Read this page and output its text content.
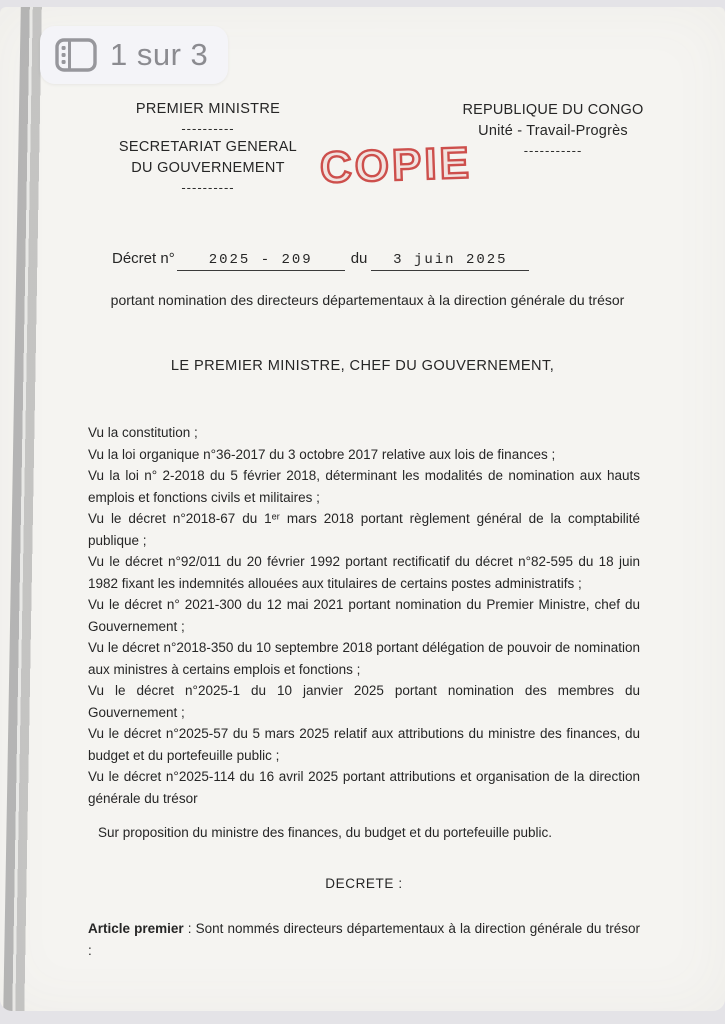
PREMIER MINISTRE
----------
SECRETARIAT GENERAL
DU GOUVERNEMENT
----------
REPUBLIQUE DU CONGO
Unité - Travail-Progrès
-----------
COPIE
Décret n° 2025 - 209	du 3 juin 2025
portant nomination des directeurs départementaux à la direction générale du trésor
LE PREMIER MINISTRE, CHEF DU GOUVERNEMENT,

Vu la constitution ;

Vu la loi organique n°36-2017 du 3 octobre 2017 relative aux lois de finances ;

Vu la loi n° 2-2018 du 5 février 2018, déterminant les modalités de nomination aux hauts emplois et fonctions civils et militaires ;

Vu le décret n°2018-67 du 1ᵉʳ mars 2018 portant règlement général de la comptabilité publique ;

Vu le décret n°92/011 du 20 février 1992 portant rectificatif du décret n°82-595 du 18 juin 1982 fixant les indemnités allouées aux titulaires de certains postes administratifs ;

Vu le décret n° 2021-300 du 12 mai 2021 portant nomination du Premier Ministre, chef du Gouvernement ;

Vu le décret n°2018-350 du 10 septembre 2018 portant délégation de pouvoir de nomination aux ministres à certains emplois et fonctions ;

Vu le décret n°2025-1 du 10 janvier 2025 portant nomination des membres du Gouvernement ;

Vu le décret n°2025-57 du 5 mars 2025 relatif aux attributions du ministre des finances, du budget et du portefeuille public ;

Vu le décret n°2025-114 du 16 avril 2025 portant attributions et organisation de la direction générale du trésor

Sur proposition du ministre des finances, du budget et du portefeuille public.

DECRETE :

Article premier : Sont nommés directeurs départementaux à la direction générale du trésor :

1 sur 3
